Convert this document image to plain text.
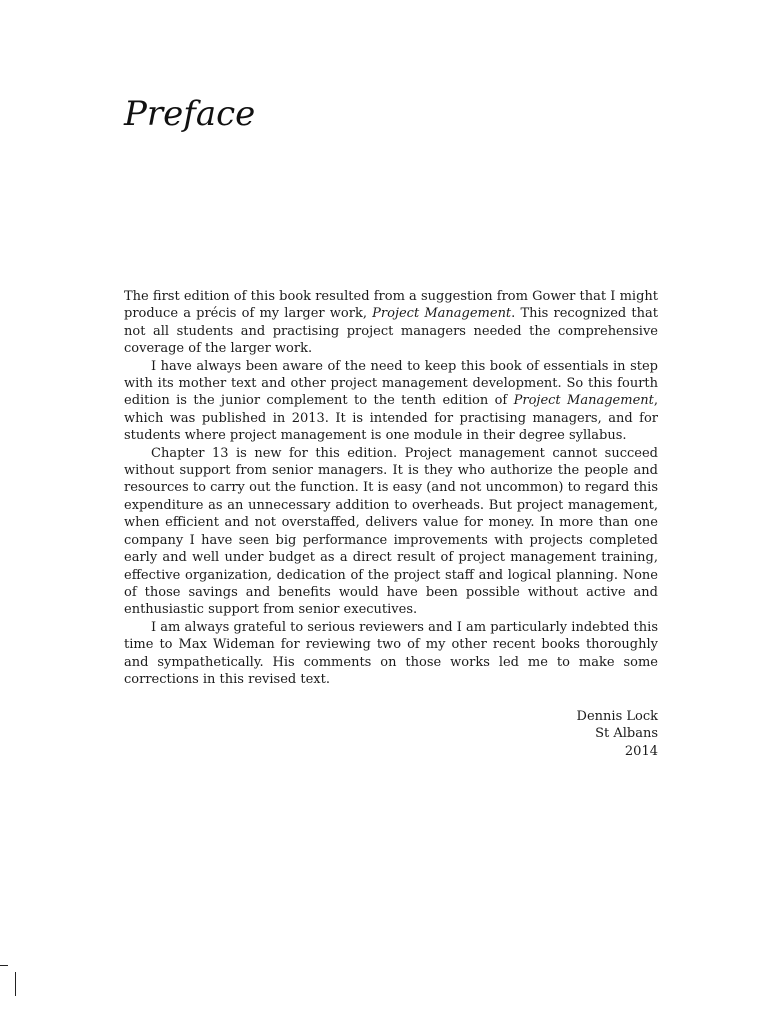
Preface

The first edition of this book resulted from a suggestion from Gower that I might produce a précis of my larger work, Project Management. This recognized that not all students and practising project managers needed the comprehensive coverage of the larger work.

I have always been aware of the need to keep this book of essentials in step with its mother text and other project management development. So this fourth edition is the junior complement to the tenth edition of Project Management, which was published in 2013. It is intended for practising managers, and for students where project management is one module in their degree syllabus.

Chapter 13 is new for this edition. Project management cannot succeed without support from senior managers. It is they who authorize the people and resources to carry out the function. It is easy (and not uncommon) to regard this expenditure as an unnecessary addition to overheads. But project management, when efficient and not overstaffed, delivers value for money. In more than one company I have seen big performance improvements with projects completed early and well under budget as a direct result of project management training, effective organization, dedication of the project staff and logical planning. None of those savings and benefits would have been possible without active and enthusiastic support from senior executives.

I am always grateful to serious reviewers and I am particularly indebted this time to Max Wideman for reviewing two of my other recent books thoroughly and sympathetically. His comments on those works led me to make some corrections in this revised text.

Dennis Lock
St Albans
2014
